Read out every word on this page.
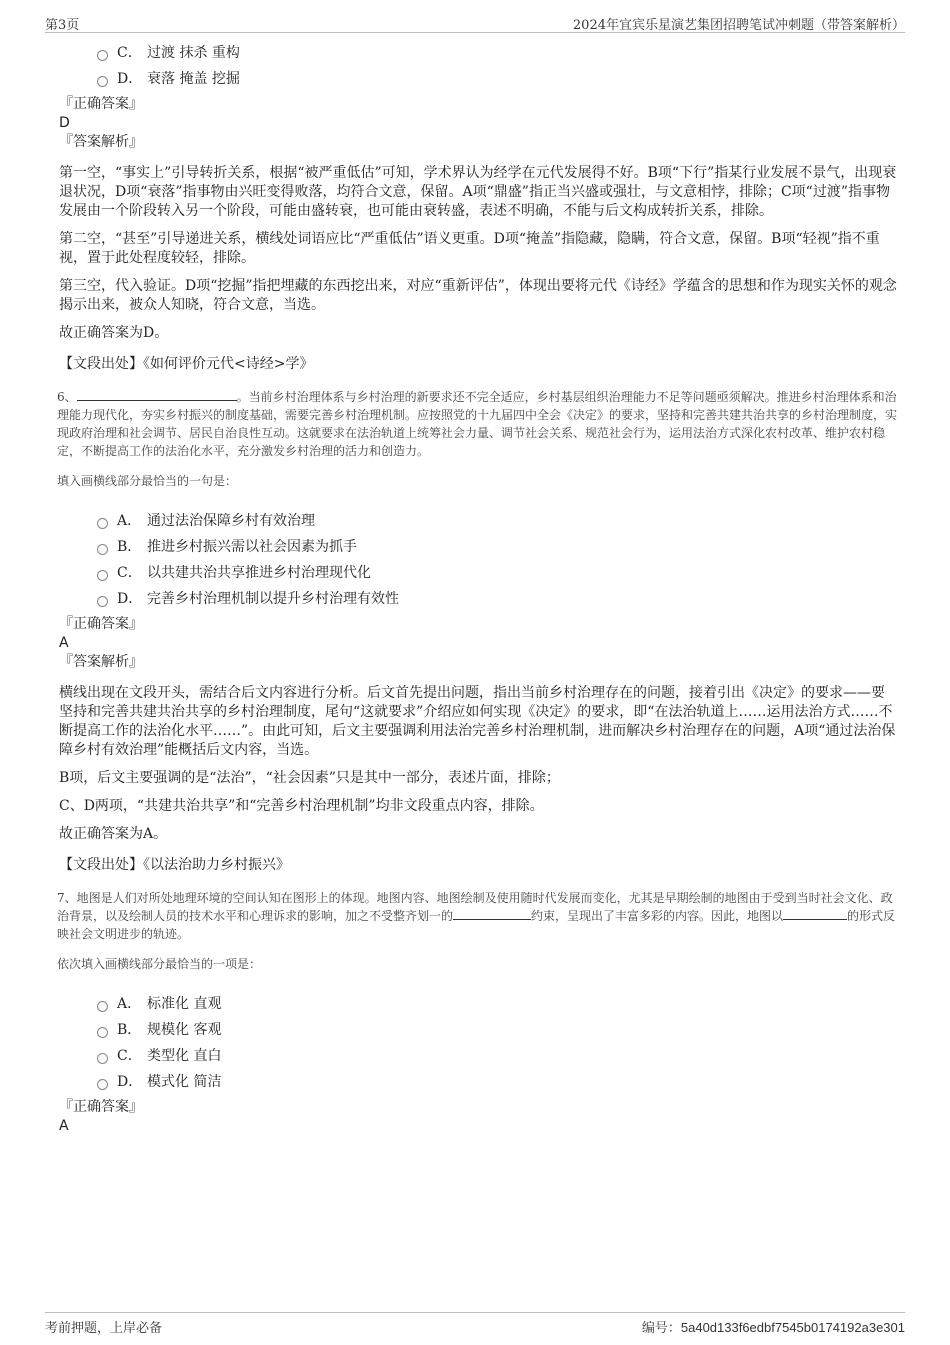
第3页	2024年宜宾乐星演艺集团招聘笔试冲刺题（带答案解析）
C． 过渡 抹杀 重构
D． 衰落 掩盖 挖掘
『正确答案』
D
『答案解析』
第一空，“事实上”引导转折关系，根据“被严重低估”可知，学术界认为经学在元代发展得不好。B项“下行”指某行业发展不景气，出现衰退状况，D项“衰落”指事物由兴旺变得败落，均符合文意，保留。A项“鼎盛”指正当兴盛或强壮，与文意相悖，排除；C项“过渡”指事物发展由一个阶段转入另一个阶段，可能由盛转衰，也可能由衰转盛，表述不明确，不能与后文构成转折关系，排除。
第二空，“甚至”引导递进关系，横线处词语应比“严重低估”语义更重。D项“掩盖”指隐藏，隐瞒，符合文意，保留。B项“轻视”指不重视，置于此处程度较轻，排除。
第三空，代入验证。D项“挖掘”指把埋藏的东西挖出来，对应“重新评估”，体现出要将元代《诗经》学蕴含的思想和作为现实关怀的观念揭示出来，被众人知晓，符合文意，当选。
故正确答案为D。
【文段出处】《如何评价元代<诗经>学》
6、	。当前乡村治理体系与乡村治理的新要求还不完全适应，乡村基层组织治理能力不足等问题亟须解决。推进乡村治理体系和治理能力现代化，夯实乡村振兴的制度基础，需要完善乡村治理机制。应按照党的十九届四中全会《决定》的要求，坚持和完善共建共治共享的乡村治理制度，实现政府治理和社会调节、居民自治良性互动。这就要求在法治轨道上统筹社会力量、调节社会关系、规范社会行为，运用法治方式深化农村改革、维护农村稳定，不断提高工作的法治化水平，充分激发乡村治理的活力和创造力。
填入画横线部分最恰当的一句是：
A． 通过法治保障乡村有效治理
B． 推进乡村振兴需以社会因素为抓手
C． 以共建共治共享推进乡村治理现代化
D． 完善乡村治理机制以提升乡村治理有效性
『正确答案』
A
『答案解析』
横线出现在文段开头，需结合后文内容进行分析。后文首先提出问题，指出当前乡村治理存在的问题，接着引出《决定》的要求——要坚持和完善共建共治共享的乡村治理制度，尾句“这就要求”介绍应如何实现《决定》的要求，即“在法治轨道上……运用法治方式……不断提高工作的法治化水平……”。由此可知，后文主要强调利用法治完善乡村治理机制，进而解决乡村治理存在的问题，A项“通过法治保障乡村有效治理”能概括后文内容，当选。
B项，后文主要强调的是“法治”，“社会因素”只是其中一部分，表述片面，排除；
C、D两项，“共建共治共享”和“完善乡村治理机制”均非文段重点内容，排除。
故正确答案为A。
【文段出处】《以法治助力乡村振兴》
7、地图是人们对所处地理环境的空间认知在图形上的体现。地图内容、地图绘制及使用随时代发展而变化，尤其是早期绘制的地图由于受到当时社会文化、政治背景，以及绘制人员的技术水平和心理诉求的影响，加之不受整齐划一的	约束，呈现出了丰富多彩的内容。因此，地图以	的形式反映社会文明进步的轨迹。
依次填入画横线部分最恰当的一项是：
A． 标准化 直观
B． 规模化 客观
C． 类型化 直白
D． 模式化 简洁
『正确答案』
A
考前押题，上岸必备	编号：5a40d133f6edbf7545b0174192a3e301
